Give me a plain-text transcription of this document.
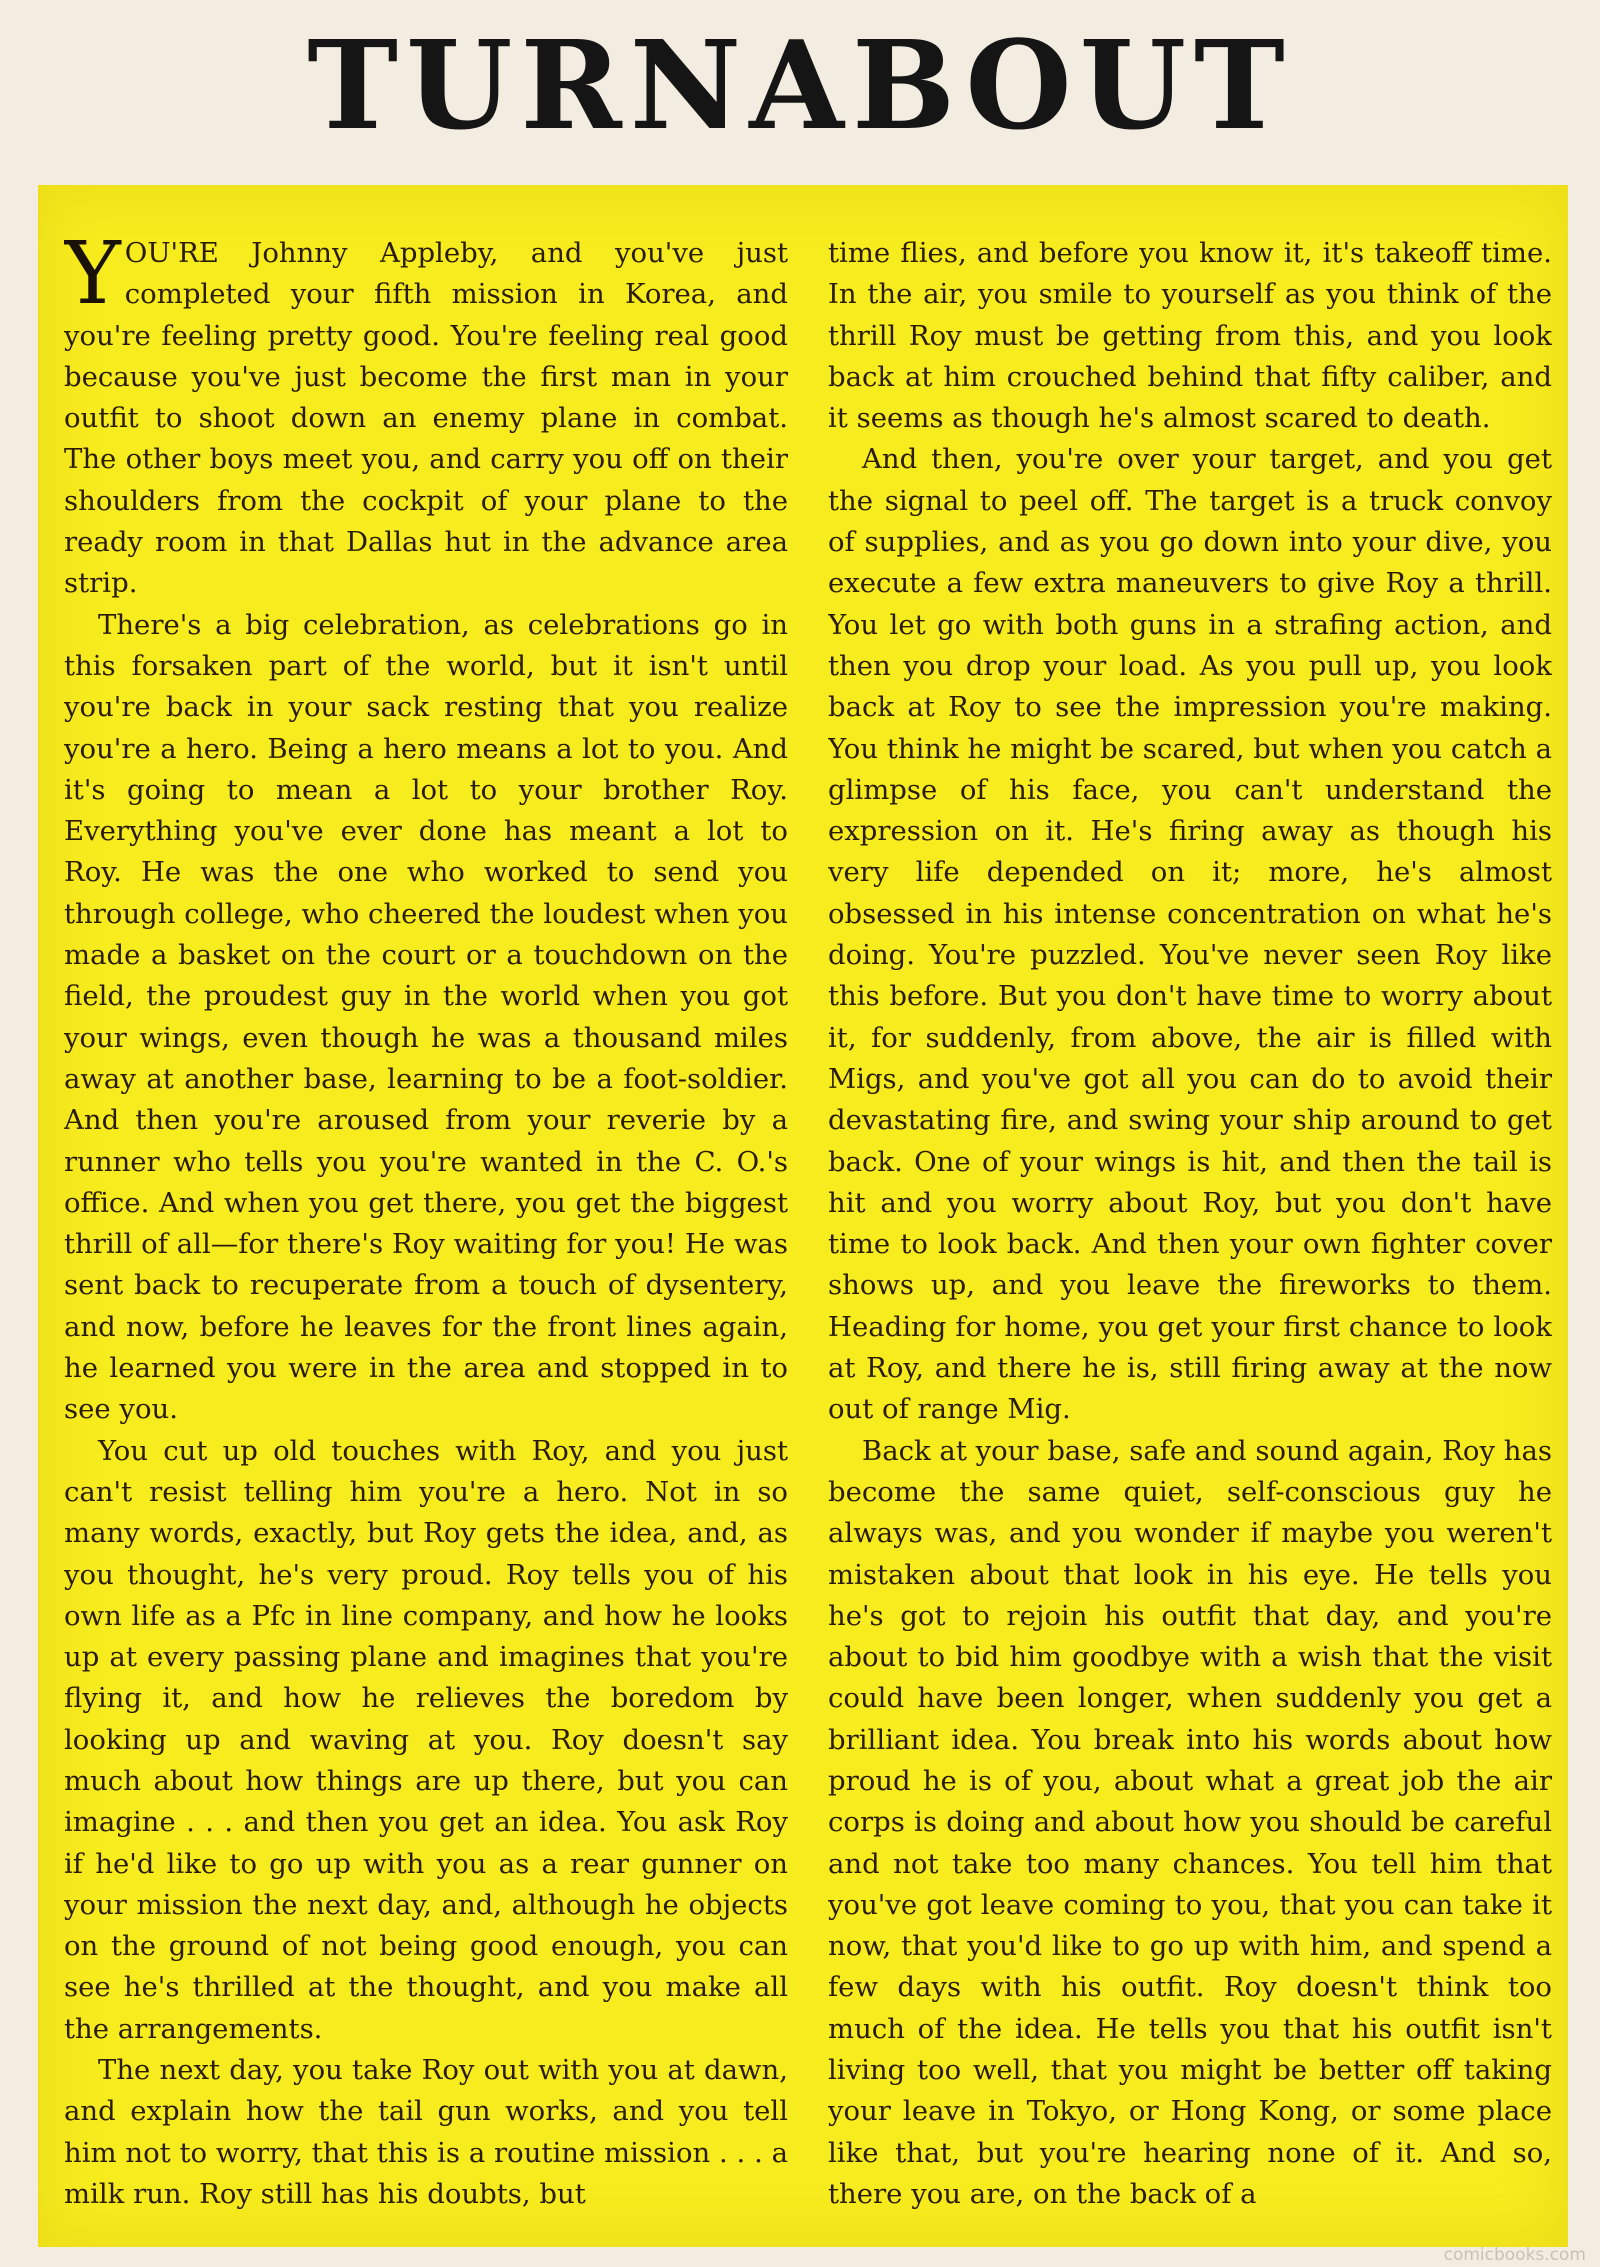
TURNABOUT

YOU'RE Johnny Appleby, and you've just completed your fifth mission in Korea, and you're feeling pretty good. You're feeling real good because you've just become the first man in your outfit to shoot down an enemy plane in combat. The other boys meet you, and carry you off on their shoulders from the cockpit of your plane to the ready room in that Dallas hut in the advance area strip.

There's a big celebration, as celebrations go in this forsaken part of the world, but it isn't until you're back in your sack resting that you realize you're a hero. Being a hero means a lot to you. And it's going to mean a lot to your brother Roy. Everything you've ever done has meant a lot to Roy. He was the one who worked to send you through college, who cheered the loudest when you made a basket on the court or a touchdown on the field, the proudest guy in the world when you got your wings, even though he was a thousand miles away at another base, learning to be a foot-soldier. And then you're aroused from your reverie by a runner who tells you you're wanted in the C. O.'s office. And when you get there, you get the biggest thrill of all—for there's Roy waiting for you! He was sent back to recuperate from a touch of dysentery, and now, before he leaves for the front lines again, he learned you were in the area and stopped in to see you.

You cut up old touches with Roy, and you just can't resist telling him you're a hero. Not in so many words, exactly, but Roy gets the idea, and, as you thought, he's very proud. Roy tells you of his own life as a Pfc in line company, and how he looks up at every passing plane and imagines that you're flying it, and how he relieves the boredom by looking up and waving at you. Roy doesn't say much about how things are up there, but you can imagine . . . and then you get an idea. You ask Roy if he'd like to go up with you as a rear gunner on your mission the next day, and, although he objects on the ground of not being good enough, you can see he's thrilled at the thought, and you make all the arrangements.

The next day, you take Roy out with you at dawn, and explain how the tail gun works, and you tell him not to worry, that this is a routine mission . . . a milk run. Roy still has his doubts, but

time flies, and before you know it, it's takeoff time. In the air, you smile to yourself as you think of the thrill Roy must be getting from this, and you look back at him crouched behind that fifty caliber, and it seems as though he's almost scared to death.

And then, you're over your target, and you get the signal to peel off. The target is a truck convoy of supplies, and as you go down into your dive, you execute a few extra maneuvers to give Roy a thrill. You let go with both guns in a strafing action, and then you drop your load. As you pull up, you look back at Roy to see the impression you're making. You think he might be scared, but when you catch a glimpse of his face, you can't understand the expression on it. He's firing away as though his very life depended on it; more, he's almost obsessed in his intense concentration on what he's doing. You're puzzled. You've never seen Roy like this before. But you don't have time to worry about it, for suddenly, from above, the air is filled with Migs, and you've got all you can do to avoid their devastating fire, and swing your ship around to get back. One of your wings is hit, and then the tail is hit and you worry about Roy, but you don't have time to look back. And then your own fighter cover shows up, and you leave the fireworks to them. Heading for home, you get your first chance to look at Roy, and there he is, still firing away at the now out of range Mig.

Back at your base, safe and sound again, Roy has become the same quiet, self-conscious guy he always was, and you wonder if maybe you weren't mistaken about that look in his eye. He tells you he's got to rejoin his outfit that day, and you're about to bid him goodbye with a wish that the visit could have been longer, when suddenly you get a brilliant idea. You break into his words about how proud he is of you, about what a great job the air corps is doing and about how you should be careful and not take too many chances. You tell him that you've got leave coming to you, that you can take it now, that you'd like to go up with him, and spend a few days with his outfit. Roy doesn't think too much of the idea. He tells you that his outfit isn't living too well, that you might be better off taking your leave in Tokyo, or Hong Kong, or some place like that, but you're hearing none of it. And so, there you are, on the back of a

comicbooks.com
